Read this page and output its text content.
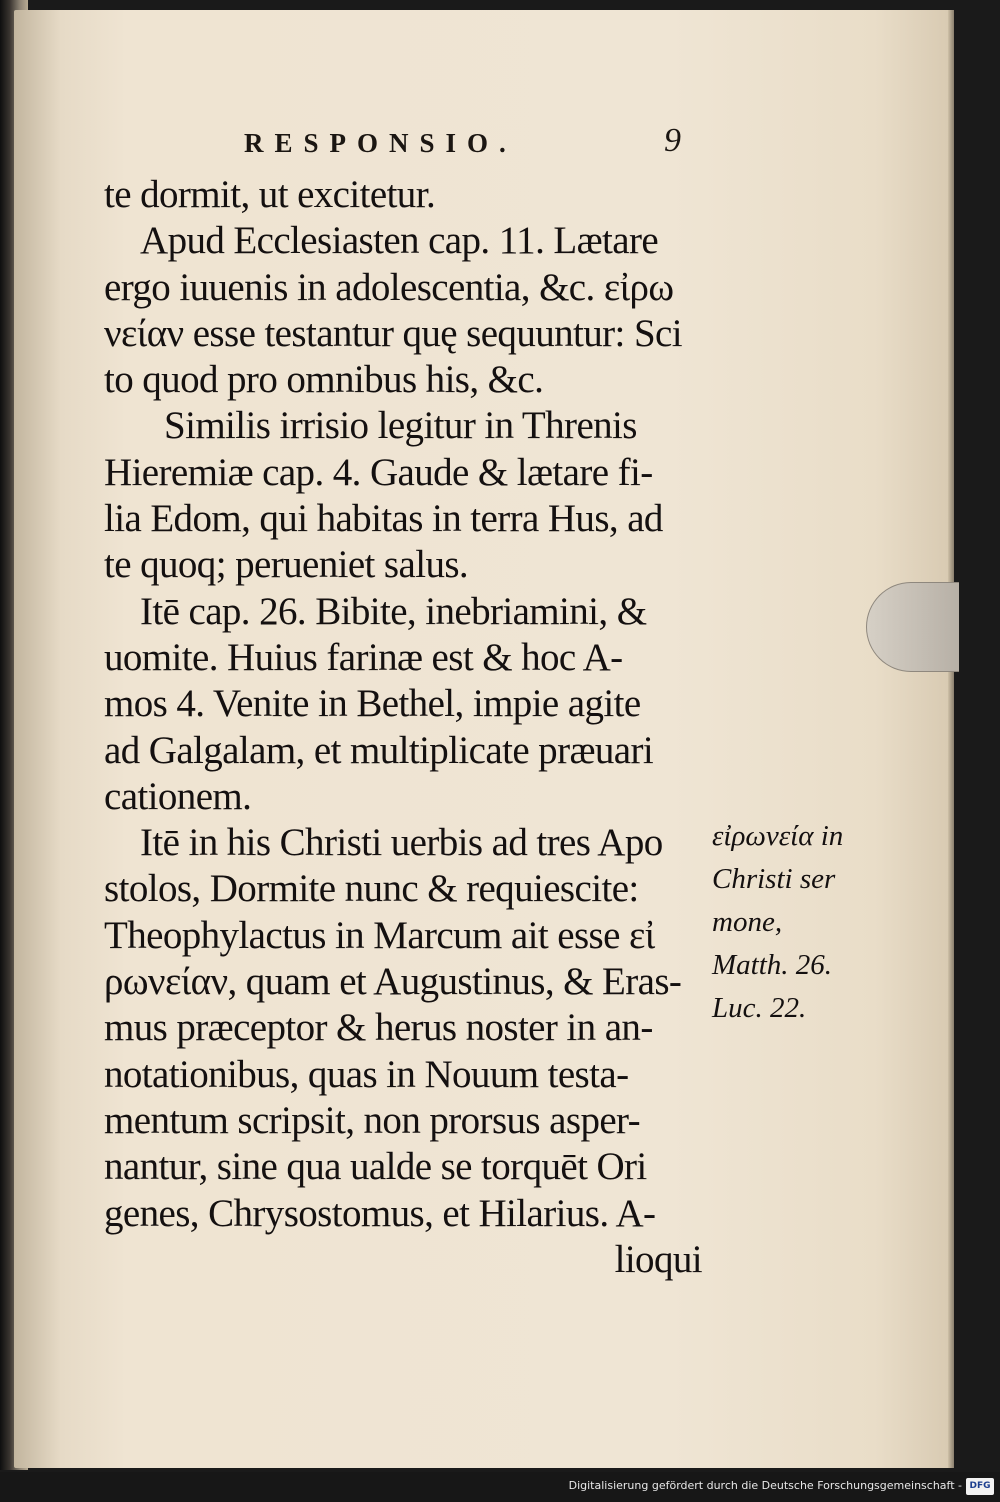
RESPONSIO.	9
te dormit, ut excitetur.
Apud Ecclesiasten cap. 11. Lætare
ergo iuuenis in adolescentia, &c. εἰρω
νείαν esse testantur quę sequuntur: Sci
to quod pro omnibus his, &c.
Similis irrisio legitur in Threnis
Hieremiæ cap. 4. Gaude & lætare fi-
lia Edom, qui habitas in terra Hus, ad
te quoq; perueniet salus.
Itē cap. 26. Bibite, inebriamini, &
uomite. Huius farinæ est & hoc A-
mos 4. Venite in Bethel, impie agite
ad Galgalam, et multiplicate præuari
cationem.
Itē in his Christi uerbis ad tres Apo
stolos, Dormite nunc & requiescite:
Theophylactus in Marcum ait esse εἰ
ρωνείαν, quam et Augustinus, & Eras-
mus præceptor & herus noster in an-
notationibus, quas in Nouum testa-
mentum scripsit, non prorsus asper-
nantur, sine qua ualde se torquēt Ori
genes, Chrysostomus, et Hilarius. A-
lioqui
εἰρωνεία in
Christi ser
mone,
Matth. 26.
Luc. 22.
Digitalisierung gefördert durch die Deutsche Forschungsgemeinschaft - DFG
